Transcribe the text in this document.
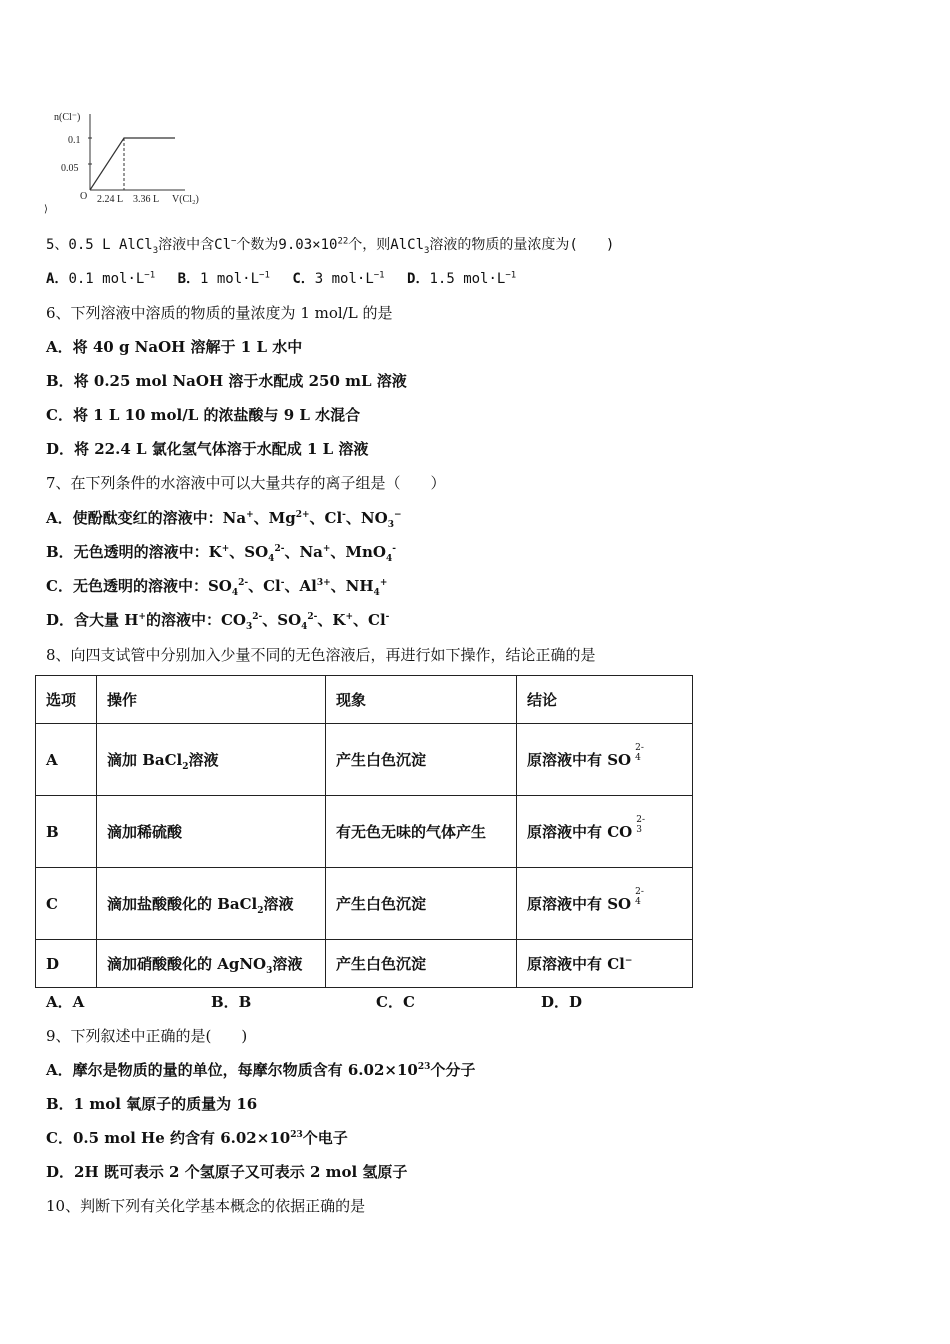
n(Cl⁻)
0.1
0.05
O 2.24 L 3.36 L V(Cl₂)
⟩
5、0.5 L AlCl$_3$溶液中含Cl−个数为$9.03\times 10^{22}$个，则AlCl$_3$溶液的物质的量浓度为(　　)
A．0.1 $mol\cdot L^{-1}$ B．1 $mol\cdot L^{-1}$ C．3 $mol\cdot L^{-1}$ D．1.5 $mol\cdot L^{-1}$
6、下列溶液中溶质的物质的量浓度为 1 mol/L 的是
A．将 40 g NaOH 溶解于 1 L 水中
B．将 0.25 mol NaOH 溶于水配成 250 mL 溶液
C．将 1 L 10 mol/L 的浓盐酸与 9 L 水混合
D．将 22.4 L 氯化氢气体溶于水配成 1 L 溶液
7、在下列条件的水溶液中可以大量共存的离子组是（　　）
A．使酚酞变红的溶液中：Na+、$Mg^{2+}$、Cl-、$NO_3^-$
B．无色透明的溶液中：K+、$SO_4^{2-}$、Na+、MnO$_4$-
C．无色透明的溶液中：$SO_4^{2-}$、Cl-、$Al^{3+}$、$NH_4^+$
D．含大量 H+的溶液中：$CO_3^{2-}$、$SO_4^{2-}$、K+、Cl-
8、向四支试管中分别加入少量不同的无色溶液后，再进行如下操作，结论正确的是
选项	操作	现象	结论
A	滴加 BaCl$_2$溶液	产生白色沉淀	原溶液中有 SO
2-
4

B	滴加稀硫酸	有无色无味的气体产生	原溶液中有 CO
2-
3

C	滴加盐酸酸化的 BaCl$_2$溶液	产生白色沉淀	原溶液中有 SO
2-
4

D	滴加硝酸酸化的 AgNO$_3$溶液	产生白色沉淀	原溶液中有 Cl−
A．A	B．B	C．C	D．D
9、下列叙述中正确的是(　　)
A．摩尔是物质的量的单位，每摩尔物质含有 $6.02\times 10^{23}$个分子
B．1 mol 氧原子的质量为 16
C．0.5 mol He 约含有 $6.02\times 10^{23}$个电子
D．2H 既可表示 2 个氢原子又可表示 2 mol 氢原子
10、判断下列有关化学基本概念的依据正确的是
